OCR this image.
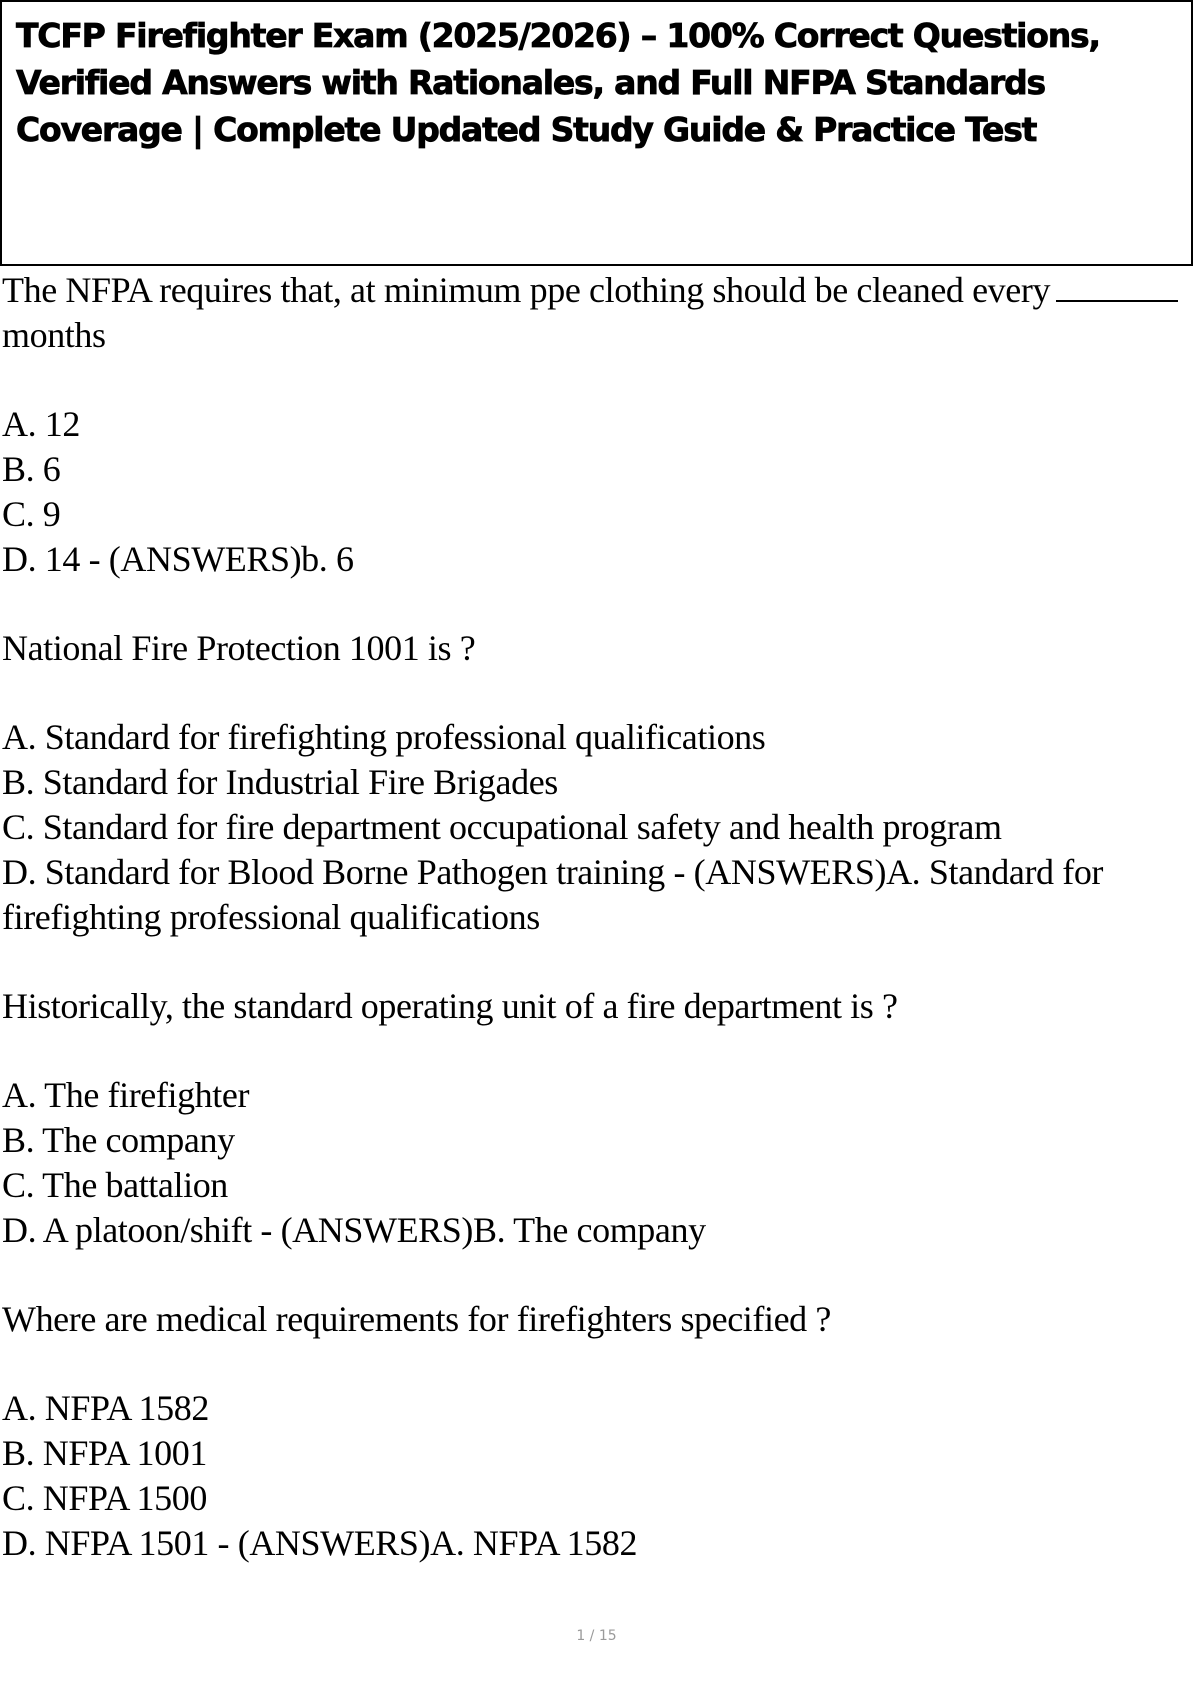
TCFP Firefighter Exam (2025/2026) – 100% Correct Questions, Verified Answers with Rationales, and Full NFPA Standards Coverage | Complete Updated Study Guide & Practice Test

The NFPA requires that, at minimum ppe clothing should be cleaned every
months

A. 12
B. 6
C. 9
D. 14 - (ANSWERS)b. 6

National Fire Protection 1001 is ?

A. Standard for firefighting professional qualifications
B. Standard for Industrial Fire Brigades
C. Standard for fire department occupational safety and health program
D. Standard for Blood Borne Pathogen training - (ANSWERS)A. Standard for firefighting professional qualifications

Historically, the standard operating unit of a fire department is ?

A. The firefighter
B. The company
C. The battalion
D. A platoon/shift - (ANSWERS)B. The company

Where are medical requirements for firefighters specified ?

A. NFPA 1582
B. NFPA 1001
C. NFPA 1500
D. NFPA 1501 - (ANSWERS)A. NFPA 1582
1 / 15
